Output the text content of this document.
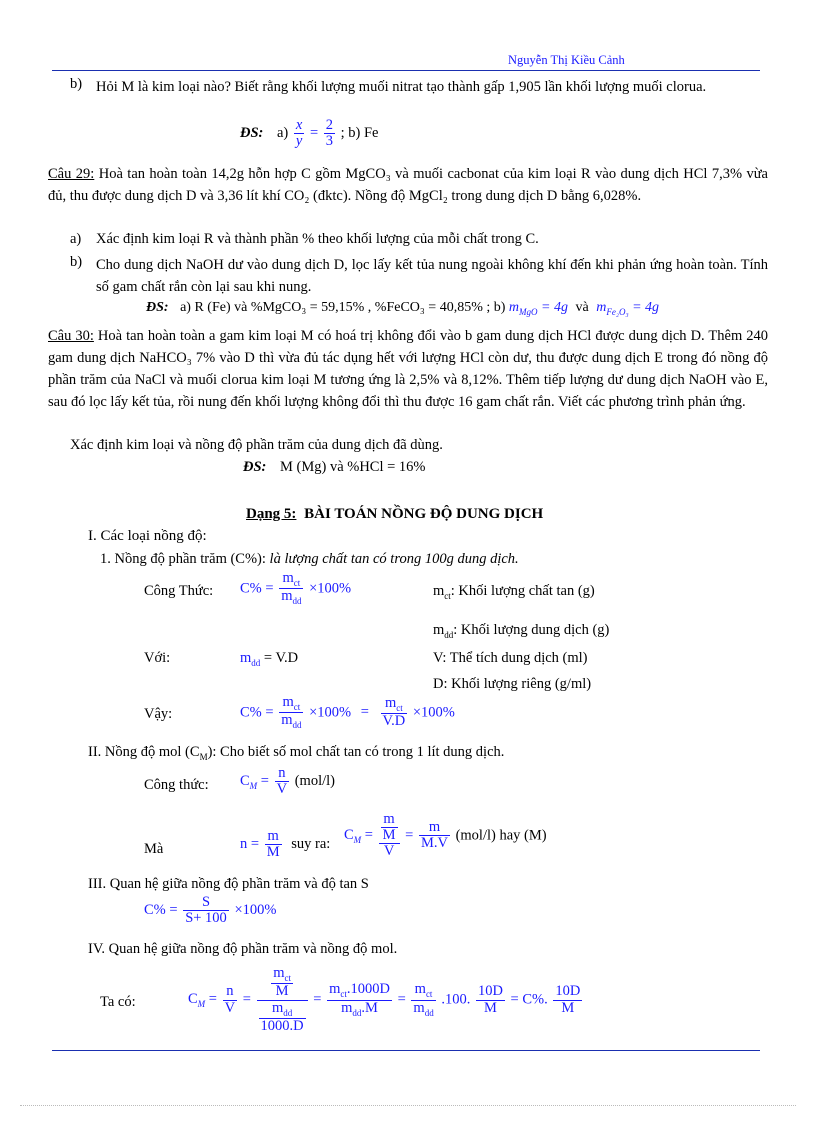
Nguyễn Thị Kiều Cảnh
b) Hỏi M là kim loại nào? Biết rằng khối lượng muối nitrat tạo thành gấp 1,905 lần khối lượng muối clorua.
ĐS: $a) \frac{x}{y} = \frac{2}{3}$ ; b) Fe
Câu 29: Hoà tan hoàn toàn 14,2g hỗn hợp C gồm MgCO₃ và muối cacbonat của kim loại R vào dung dịch HCl 7,3% vừa đủ, thu được dung dịch D và 3,36 lít khí CO₂ (đktc). Nồng độ MgCl₂ trong dung dịch D bằng 6,028%.
a) Xác định kim loại R và thành phần % theo khối lượng của mỗi chất trong C.
b) Cho dung dịch NaOH dư vào dung dịch D, lọc lấy kết tủa nung ngoài không khí đến khi phản ứng hoàn toàn. Tính số gam chất rắn còn lại sau khi nung.
ĐS: a) R (Fe) và %MgCO₃ = 59,15% , %FeCO₃ = 40,85% ; b) $m_{MgO} = 4g$ và $m_{Fe_2O_3} = 4g$
Câu 30: Hoà tan hoàn toàn a gam kim loại M có hoá trị không đổi vào b gam dung dịch HCl được dung dịch D. Thêm 240 gam dung dịch NaHCO₃ 7% vào D thì vừa đủ tác dụng hết với lượng HCl còn dư, thu được dung dịch E trong đó nồng độ phần trăm của NaCl và muối clorua kim loại M tương ứng là 2,5% và 8,12%. Thêm tiếp lượng dư dung dịch NaOH vào E, sau đó lọc lấy kết tủa, rồi nung đến khối lượng không đổi thì thu được 16 gam chất rắn. Viết các phương trình phản ứng.
Xác định kim loại và nồng độ phần trăm của dung dịch đã dùng.
ĐS: M (Mg) và %HCl = 16%
Dạng 5: BÀI TOÁN NỒNG ĐỘ DUNG DỊCH
I. Các loại nồng độ:
1. Nồng độ phần trăm (C%): là lượng chất tan có trong 100g dung dịch.
Công Thức: $C\% = \frac{m_{ct}}{m_{dd}} \times 100\%$	$m_{ct}$: Khối lượng chất tan (g)
$m_{dd}$: Khối lượng dung dịch (g)
Với:	$m_{dd} = V.D$	V: Thể tích dung dịch (ml)
D: Khối lượng riêng (g/ml)
Vậy:	$C\% = \frac{m_{ct}}{m_{dd}} \times 100\% = \frac{m_{ct}}{V.D} \times 100\%$
II. Nồng độ mol $(C_M)$: Cho biết số mol chất tan có trong 1 lít dung dịch.
Công thức: $C_M = \frac{n}{V} (mol/l)$
Mà	$n = \frac{m}{M}$ suy ra:
$C_M = \frac{\frac{m}{M}}{V} = \frac{m}{M.V} (mol/l)$ hay (M)
III. Quan hệ giữa nồng độ phần trăm và độ tan S
$C\% = \frac{S}{S+ 100} \times 100\%$
IV. Quan hệ giữa nồng độ phần trăm và nồng độ mol.
Ta có:	$C_M = \frac{n}{V} = \frac{\frac{m_{ct}}{M}}{\frac{m_{dd}}{1000.D}} = \frac{m_{ct}.1000D}{m_{dd}.M} = \frac{m_{ct}}{m_{dd}} .100$. $\frac{10D}{M} = C\%$. $\frac{10D}{M}$
